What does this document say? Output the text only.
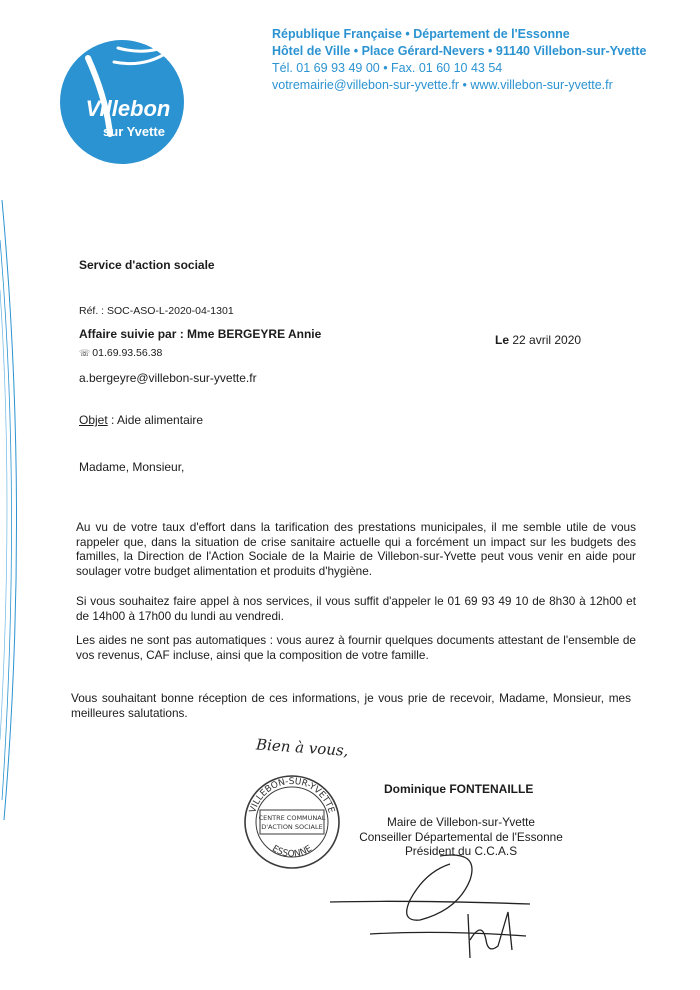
Villebon
sur Yvette
République Française • Département de l'Essonne
Hôtel de Ville • Place Gérard-Nevers • 91140 Villebon-sur-Yvette
Tél. 01 69 93 49 00 • Fax. 01 60 10 43 54
votremairie@villebon-sur-yvette.fr • www.villebon-sur-yvette.fr
Service d'action sociale
Réf. : SOC-ASO-L-2020-04-1301
Affaire suivie par : Mme BERGEYRE Annie
☏ 01.69.93.56.38
a.bergeyre@villebon-sur-yvette.fr
Le 22 avril 2020
Objet : Aide alimentaire
Madame, Monsieur,
Au vu de votre taux d'effort dans la tarification des prestations municipales, il me semble utile de vous rappeler que, dans la situation de crise sanitaire actuelle qui a forcément un impact sur les budgets des familles, la Direction de l'Action Sociale de la Mairie de Villebon-sur-Yvette peut vous venir en aide pour soulager votre budget alimentation et produits d'hygiène.
Si vous souhaitez faire appel à nos services, il vous suffit d'appeler le 01 69 93 49 10 de 8h30 à 12h00 et de 14h00 à 17h00 du lundi au vendredi.
Les aides ne sont pas automatiques : vous aurez à fournir quelques documents attestant de l'ensemble de vos revenus, CAF incluse, ainsi que la composition de votre famille.
Vous souhaitant bonne réception de ces informations, je vous prie de recevoir, Madame, Monsieur, mes meilleures salutations.
Bien à vous,
VILLEBON-SUR-YVETTE
CENTRE COMMUNAL
D'ACTION SOCIALE
ESSONNE
Dominique FONTENAILLE
Maire de Villebon-sur-Yvette
Conseiller Départemental de l'Essonne
Président du C.C.A.S
